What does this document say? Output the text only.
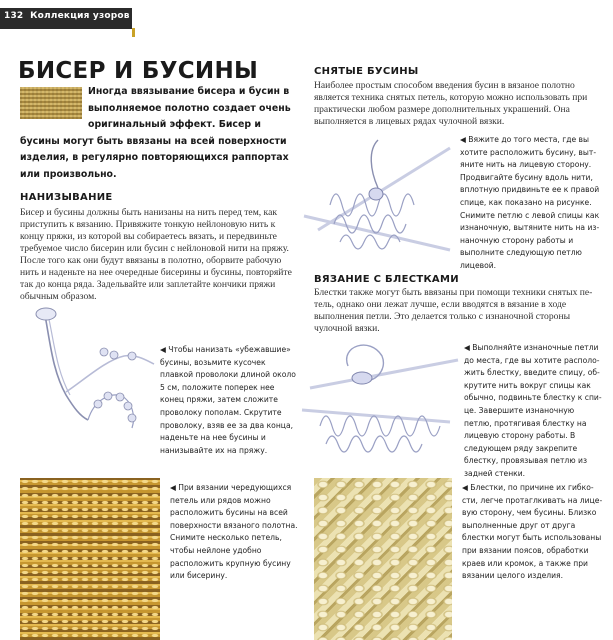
132 Коллекция узоров
БИСЕР И БУСИНЫ
Иногда ввязывание бисера и бусин в выполняемое полотно создает очень оригинальный эффект. Бисер и бусины могут быть ввязаны на всей поверхности изделия, в регулярно повторяющихся раппортах или произвольно.
НАНИЗЫВАНИЕ
Бисер и бусины должны быть нанизаны на нить перед тем, как приступить к вязанию. Привяжите тонкую нейлоновую нить к концу пряжи, из которой вы собираетесь вязать, и передвиньте требуемое число бисерин или бусин с нейлоновой нити на пряжу. После того как они будут ввязаны в полотно, оборвите рабочую нить и наденьте на нее очередные бисерины и бусины, повторяйте так до конца ряда. Задельвайте или заплетайте кончики пряжи обычным образом.
◀ Чтобы нанизать «убежавшие» бусины, возьмите кусочек плавкой проволоки длиной около 5 см, положите поперек нее конец пряжи, затем сложите проволоку пополам. Скрутите проволоку, взяв ее за два конца, наденьте на нее бусины и нанизывайте их на пряжу.
◀ При вязании чередующихся петель или рядов можно расположить бусины на всей поверхности вязаного полотна. Снимите несколько петель, чтобы нейлоне удобно расположить крупную бусину или бисерину.
СНЯТЫЕ БУСИНЫ
Наиболее простым способом введения бусин в вязаное полотно является техника снятых петель, которую можно использовать при практически любом размере дополнительных украшений. Она выполняется в лицевых рядах чулочной вязки.
◀ Вяжите до того места, где вы хотите расположить бусину, вытяните нить на лицевую сторону. Продвигайте бусину вдоль нити, вплотную придвиньте ее к правой спице, как показано на рисунке. Снимите петлю с левой спицы как изнаночную, вытяните нить на изнаночную сторону работы и выполните следующую петлю лицевой.
ВЯЗАНИЕ С БЛЕСТКАМИ
Блестки также могут быть ввязаны при помощи техники снятых петель, однако они лежат лучше, если вводятся в вязание в ходе выполнения петли. Это делается только с изнаночной стороны чулочной вязки.
◀ Выполняйте изнаночные петли до места, где вы хотите расположить блестку, введите спицу, обкрутите нить вокруг спицы как обычно, подвиньте блестку к спице. Завершите изнаночную петлю, протягивая блестку на лицевую сторону работы. В следующем ряду закрепите блестку, провязывая петлю из задней стенки.
◀ Блестки, по причине их гибкости, легче протаглкивать на лицевую сторону, чем бусины. Близко выполненные друг от друга блестки могут быть использованы при вязании поясов, обработки краев или кромок, а также при вязании целого изделия.
